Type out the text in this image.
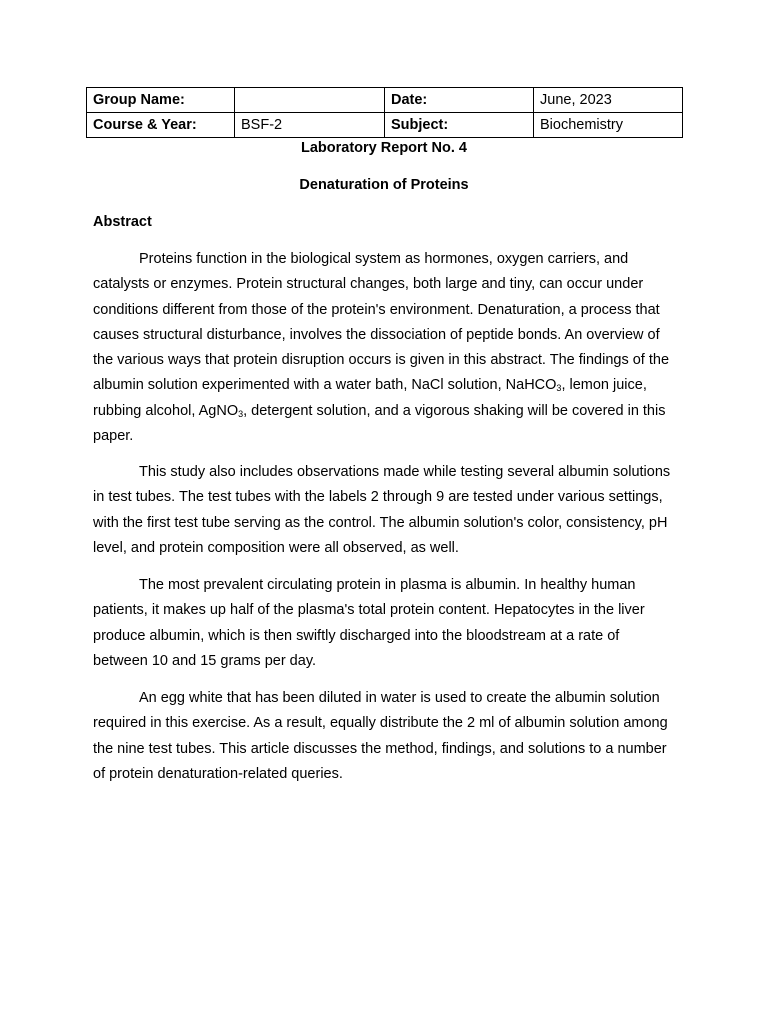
Group Name:		Date:	June, 2023
Course & Year:	BSF-2	Subject:	Biochemistry
Laboratory Report No. 4
Denaturation of Proteins
Abstract

Proteins function in the biological system as hormones, oxygen carriers, and catalysts or enzymes. Protein structural changes, both large and tiny, can occur under conditions different from those of the protein's environment. Denaturation, a process that causes structural disturbance, involves the dissociation of peptide bonds. An overview of the various ways that protein disruption occurs is given in this abstract. The findings of the albumin solution experimented with a water bath, NaCl solution, NaHCO$_3$, lemon juice, rubbing alcohol, AgNO$_3$, detergent solution, and a vigorous shaking will be covered in this paper.

This study also includes observations made while testing several albumin solutions in test tubes. The test tubes with the labels 2 through 9 are tested under various settings, with the first test tube serving as the control. The albumin solution's color, consistency, pH level, and protein composition were all observed, as well.

The most prevalent circulating protein in plasma is albumin. In healthy human patients, it makes up half of the plasma's total protein content. Hepatocytes in the liver produce albumin, which is then swiftly discharged into the bloodstream at a rate of between 10 and 15 grams per day.

An egg white that has been diluted in water is used to create the albumin solution required in this exercise. As a result, equally distribute the 2 ml of albumin solution among the nine test tubes. This article discusses the method, findings, and solutions to a number of protein denaturation-related queries.
